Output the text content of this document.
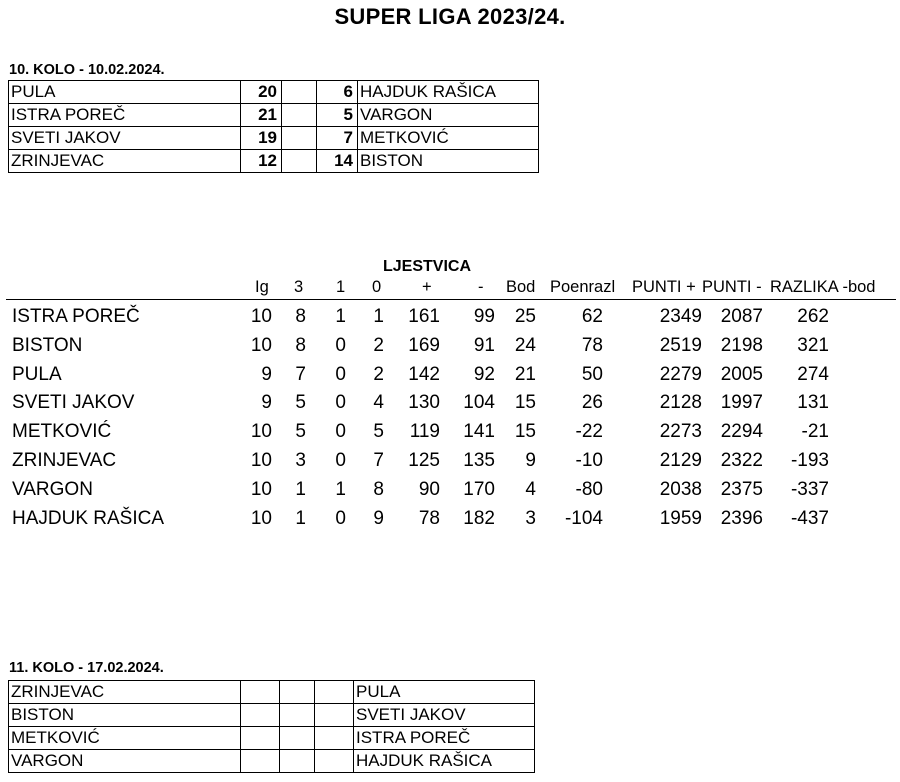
SUPER LIGA 2023/24.
10. KOLO - 10.02.2024.
PULA	20		6	HAJDUK RAŠICA
ISTRA POREČ	21		5	VARGON
SVETI JAKOV	19		7	METKOVIĆ
ZRINJEVAC	12		14	BISTON
LJESTVICA
Ig 3 1 0 +	- Bod Poenrazl PUNTI + PUNTI - RAZLIKA -bod
ISTRA POREČ	10 8 1 1 161 99 25 62	2349 2087 262
BISTON	10 8 0 2 169 91 24 78	2519 2198 321
PULA	9 7 0 2 142 92 21 50	2279 2005 274
SVETI JAKOV	9 5 0 4 130 104 15 26	2128 1997 131
METKOVIĆ	10 5 0 5 119 141 15 -22	2273 2294 -21
ZRINJEVAC	10 3 0 7 125 135 9 -10	2129 2322 -193
VARGON	10 1 1 8 90 170 4 -80	2038 2375 -337
HAJDUK RAŠICA	10 1 0 9 78 182 3 -104	1959 2396 -437
11. KOLO - 17.02.2024.
ZRINJEVAC				PULA
BISTON				SVETI JAKOV
METKOVIĆ				ISTRA POREČ
VARGON				HAJDUK RAŠICA
